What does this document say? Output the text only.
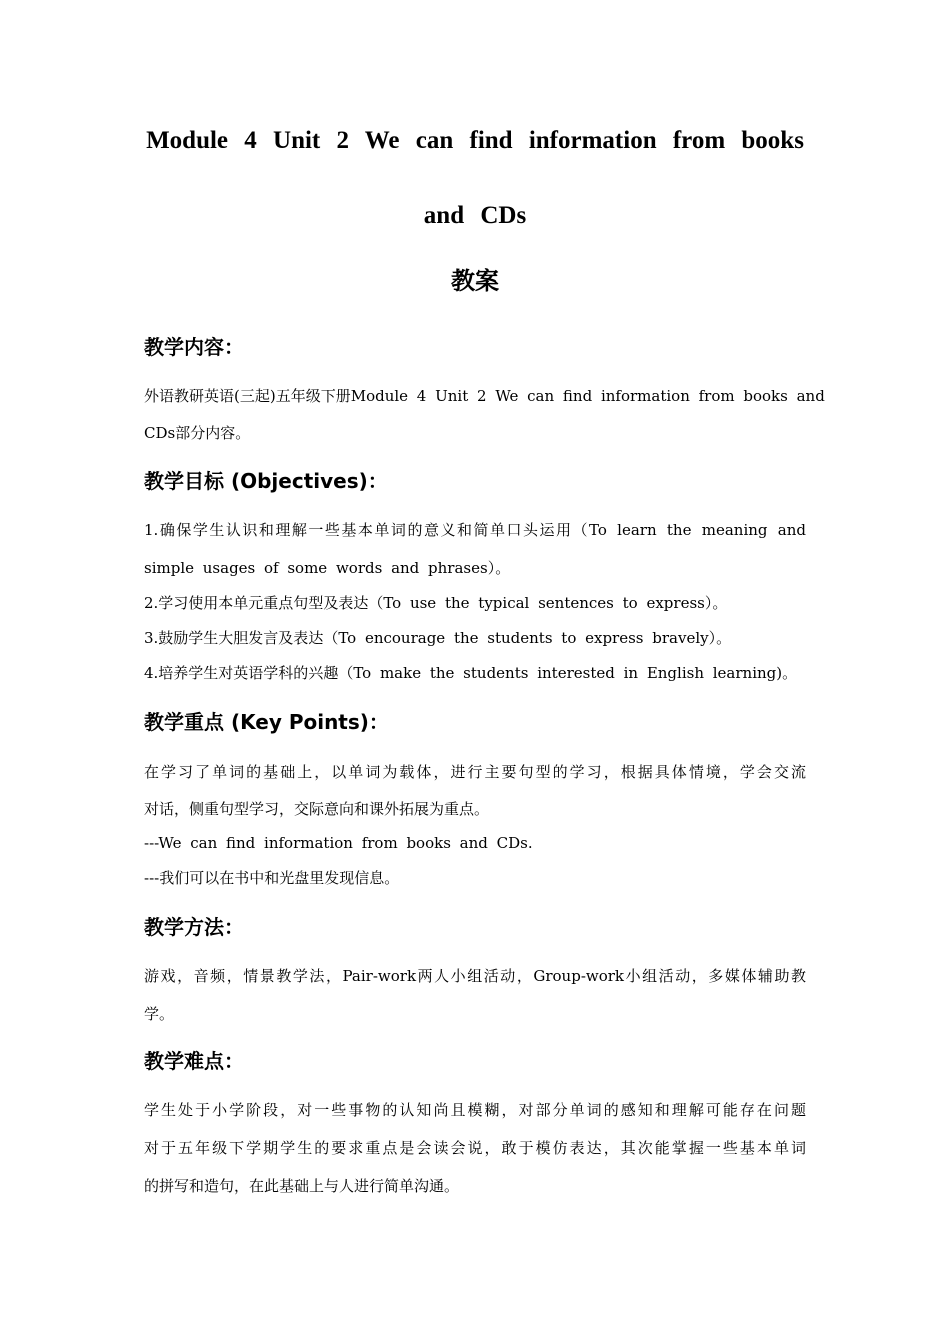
Module 4 Unit 2 We can find information from books
and CDs
教案
教学内容：
外语教研英语(三起)五年级下册Module 4 Unit 2 We can find information from books and
CDs部分内容。
教学目标 (Objectives)：
1.确保学生认识和理解一些基本单词的意义和简单口头运用（To learn the meaning and
simple usages of some words and phrases）。
2.学习使用本单元重点句型及表达（To use the typical sentences to express）。
3.鼓励学生大胆发言及表达（To encourage the students to express bravely）。
4.培养学生对英语学科的兴趣（To make the students interested in English learning)。
教学重点 (Key Points)：
在学习了单词的基础上，以单词为载体，进行主要句型的学习，根据具体情境，学会交流
对话，侧重句型学习，交际意向和课外拓展为重点。
---We can find information from books and CDs.
---我们可以在书中和光盘里发现信息。
教学方法：
游戏，音频，情景教学法，Pair-work两人小组活动，Group-work小组活动，多媒体辅助教
学。
教学难点：
学生处于小学阶段，对一些事物的认知尚且模糊，对部分单词的感知和理解可能存在问题
对于五年级下学期学生的要求重点是会读会说，敢于模仿表达，其次能掌握一些基本单词
的拼写和造句，在此基础上与人进行简单沟通。
